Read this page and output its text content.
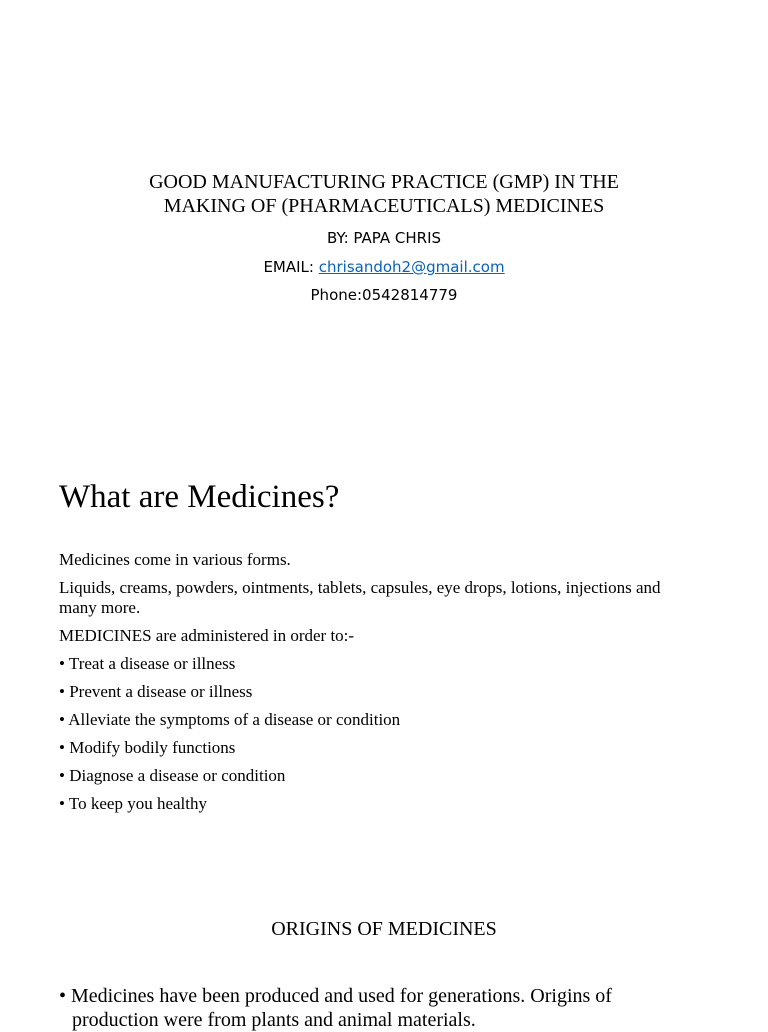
GOOD MANUFACTURING PRACTICE (GMP) IN THE
MAKING OF (PHARMACEUTICALS) MEDICINES
BY: PAPA CHRIS
EMAIL: chrisandoh2@gmail.com
Phone:0542814779
What are Medicines?

Medicines come in various forms.

Liquids, creams, powders, ointments, tablets, capsules, eye drops, lotions, injections and many more.

MEDICINES are administered in order to:-

• Treat a disease or illness
• Prevent a disease or illness
• Alleviate the symptoms of a disease or condition
• Modify bodily functions
• Diagnose a disease or condition
• To keep you healthy
ORIGINS OF MEDICINES
• Medicines have been produced and used for generations. Origins of production were from plants and animal materials.
